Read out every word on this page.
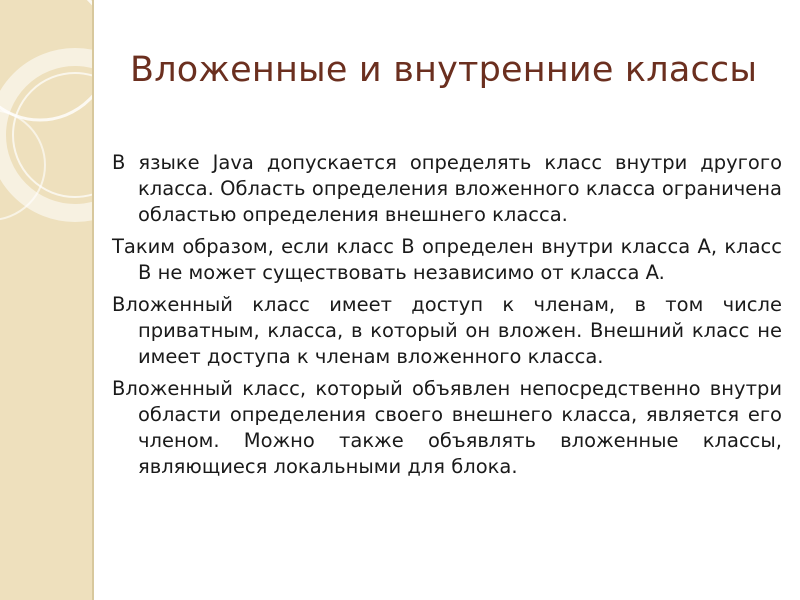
Вложенные и внутренние классы

В языке Java допускается определять класс внутри другого класса. Область определения вложенного класса ограничена областью определения внешнего класса.

Таким образом, если класс B определен внутри класса A, класс B не может существовать независимо от класса A.

Вложенный класс имеет доступ к членам, в том числе приватным, класса, в который он вложен. Внешний класс не имеет доступа к членам вложенного класса.

Вложенный класс, который объявлен непосредственно внутри области определения своего внешнего класса, является его членом. Можно также объявлять вложенные классы, являющиеся локальными для блока.
